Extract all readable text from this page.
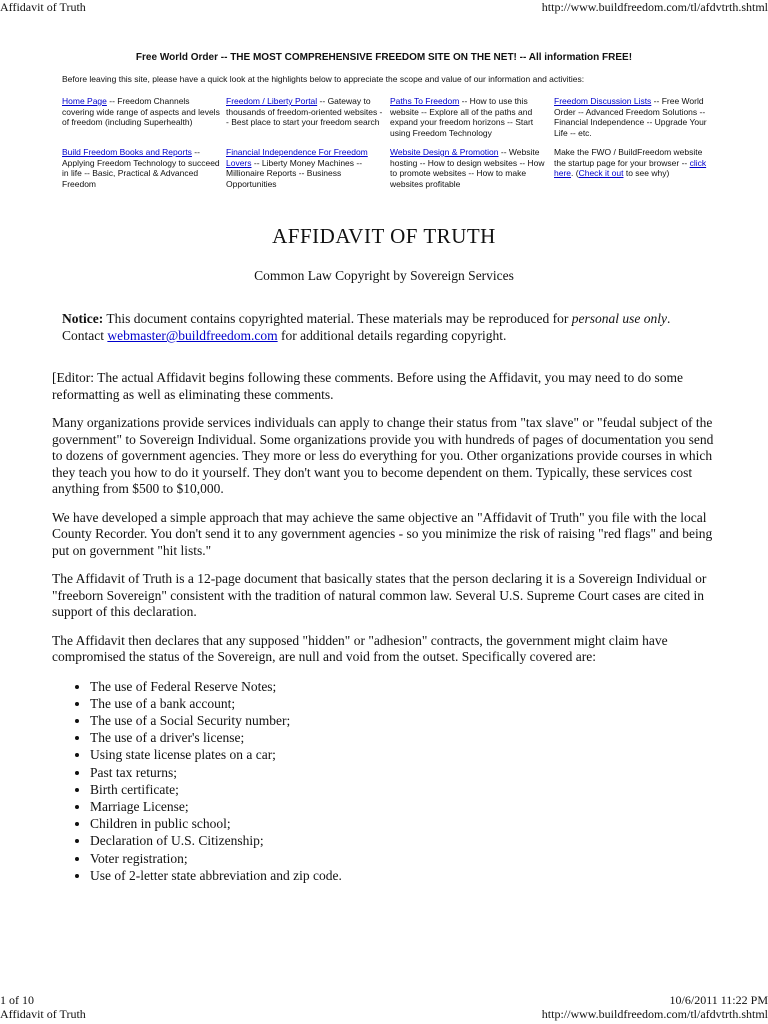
Affidavit of Truth	http://www.buildfreedom.com/tl/afdvtrth.shtml
Free World Order -- THE MOST COMPREHENSIVE FREEDOM SITE ON THE NET! -- All information FREE!
Before leaving this site, please have a quick look at the highlights below to appreciate the scope and value of our information and activities:
Home Page -- Freedom Channels covering wide range of aspects and levels of freedom (including Superhealth)
Freedom / Liberty Portal -- Gateway to thousands of freedom-oriented websites -- Best place to start your freedom search
Paths To Freedom -- How to use this website -- Explore all of the paths and expand your freedom horizons -- Start using Freedom Technology
Freedom Discussion Lists -- Free World Order -- Advanced Freedom Solutions -- Financial Independence -- Upgrade Your Life -- etc.
Build Freedom Books and Reports -- Applying Freedom Technology to succeed in life -- Basic, Practical & Advanced Freedom
Financial Independence For Freedom Lovers -- Liberty Money Machines -- Millionaire Reports -- Business Opportunities
Website Design & Promotion -- Website hosting -- How to design websites -- How to promote websites -- How to make websites profitable
Make the FWO / BuildFreedom website the startup page for your browser -- click here. (Check it out to see why)
AFFIDAVIT OF TRUTH
Common Law Copyright by Sovereign Services
Notice: This document contains copyrighted material. These materials may be reproduced for personal use only. Contact webmaster@buildfreedom.com for additional details regarding copyright.

[Editor: The actual Affidavit begins following these comments. Before using the Affidavit, you may need to do some reformatting as well as eliminating these comments.

Many organizations provide services individuals can apply to change their status from "tax slave" or "feudal subject of the government" to Sovereign Individual. Some organizations provide you with hundreds of pages of documentation you send to dozens of government agencies. They more or less do everything for you. Other organizations provide courses in which they teach you how to do it yourself. They don't want you to become dependent on them. Typically, these services cost anything from $500 to $10,000.

We have developed a simple approach that may achieve the same objective an "Affidavit of Truth" you file with the local County Recorder. You don't send it to any government agencies - so you minimize the risk of raising "red flags" and being put on government "hit lists."

The Affidavit of Truth is a 12-page document that basically states that the person declaring it is a Sovereign Individual or "freeborn Sovereign" consistent with the tradition of natural common law. Several U.S. Supreme Court cases are cited in support of this declaration.

The Affidavit then declares that any supposed "hidden" or "adhesion" contracts, the government might claim have compromised the status of the Sovereign, are null and void from the outset. Specifically covered are:

• The use of Federal Reserve Notes;
• The use of a bank account;
• The use of a Social Security number;
• The use of a driver's license;
• Using state license plates on a car;
• Past tax returns;
• Birth certificate;
• Marriage License;
• Children in public school;
• Declaration of U.S. Citizenship;
• Voter registration;
• Use of 2-letter state abbreviation and zip code.
1 of 10	10/6/2011 11:22 PM
Affidavit of Truth	http://www.buildfreedom.com/tl/afdvtrth.shtml
